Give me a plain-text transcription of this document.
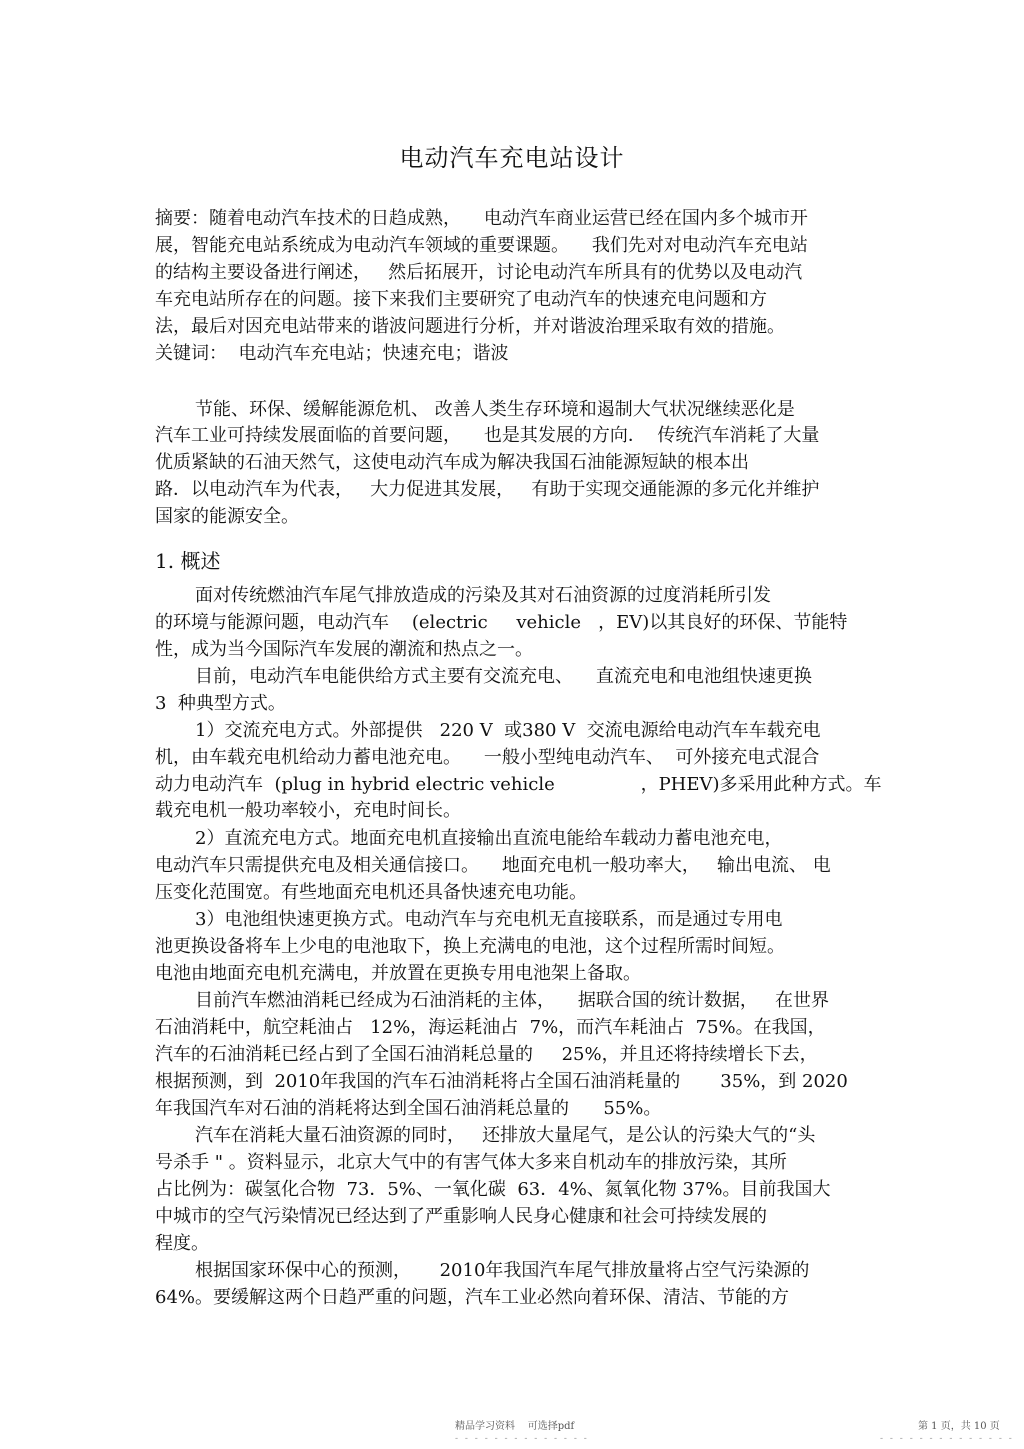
电动汽车充电站设计
摘要：随着电动汽车技术的日趋成熟，    电动汽车商业运营已经在国内多个城市开
展，智能充电站系统成为电动汽车领域的重要课题。    我们先对对电动汽车充电站
的结构主要设备进行阐述，   然后拓展开，讨论电动汽车所具有的优势以及电动汽
车充电站所存在的问题。接下来我们主要研究了电动汽车的快速充电问题和方
法，最后对因充电站带来的谐波问题进行分析，并对谐波治理采取有效的措施。
关键词：  电动汽车充电站；快速充电；谐波
节能、环保、缓解能源危机、 改善人类生存环境和遏制大气状况继续恶化是
汽车工业可持续发展面临的首要问题，    也是其发展的方向．  传统汽车消耗了大量
优质紧缺的石油天然气，这使电动汽车成为解决我国石油能源短缺的根本出
路．以电动汽车为代表，   大力促进其发展，   有助于实现交通能源的多元化并维护
国家的能源安全。
1. 概述
面对传统燃油汽车尾气排放造成的污染及其对石油资源的过度消耗所引发
的环境与能源问题，电动汽车    (electric     vehicle   ，EV)以其良好的环保、节能特
性，成为当今国际汽车发展的潮流和热点之一。
目前，电动汽车电能供给方式主要有交流充电、    直流充电和电池组快速更换
3  种典型方式。
1）交流充电方式。外部提供   220 V  或380 V  交流电源给电动汽车车载充电
机，由车载充电机给动力蓄电池充电。    一般小型纯电动汽车、  可外接充电式混合
动力电动汽车  (plug in hybrid electric vehicle               ，PHEV)多采用此种方式。车
载充电机一般功率较小，充电时间长。
2）直流充电方式。地面充电机直接输出直流电能给车载动力蓄电池充电，
电动汽车只需提供充电及相关通信接口。    地面充电机一般功率大，   输出电流、 电
压变化范围宽。有些地面充电机还具备快速充电功能。
3）电池组快速更换方式。电动汽车与充电机无直接联系，而是通过专用电
池更换设备将车上少电的电池取下，换上充满电的电池，这个过程所需时间短。
电池由地面充电机充满电，并放置在更换专用电池架上备取。
目前汽车燃油消耗已经成为石油消耗的主体，    据联合国的统计数据，   在世界
石油消耗中，航空耗油占   12%，海运耗油占  7%，而汽车耗油占  75%。在我国，
汽车的石油消耗已经占到了全国石油消耗总量的     25%，并且还将持续增长下去，
根据预测，到  2010年我国的汽车石油消耗将占全国石油消耗量的       35%，到 2020
年我国汽车对石油的消耗将达到全国石油消耗总量的      55%。
汽车在消耗大量石油资源的同时，   还排放大量尾气，是公认的污染大气的“头
号杀手 " 。资料显示，北京大气中的有害气体大多来自机动车的排放污染，其所
占比例为：碳氢化合物  73．5%、一氧化碳  63．4%、氮氧化物 37%。目前我国大
中城市的空气污染情况已经达到了严重影响人民身心健康和社会可持续发展的
程度。
根据国家环保中心的预测，     2010年我国汽车尾气排放量将占空气污染源的
64%。要缓解这两个日趋严重的问题，汽车工业必然向着环保、清洁、节能的方
精品学习资料    可选择pdf	第 1 页，共 10 页
- - - - - - - - - - - - - -	- - - - - - - - - - - - - -
